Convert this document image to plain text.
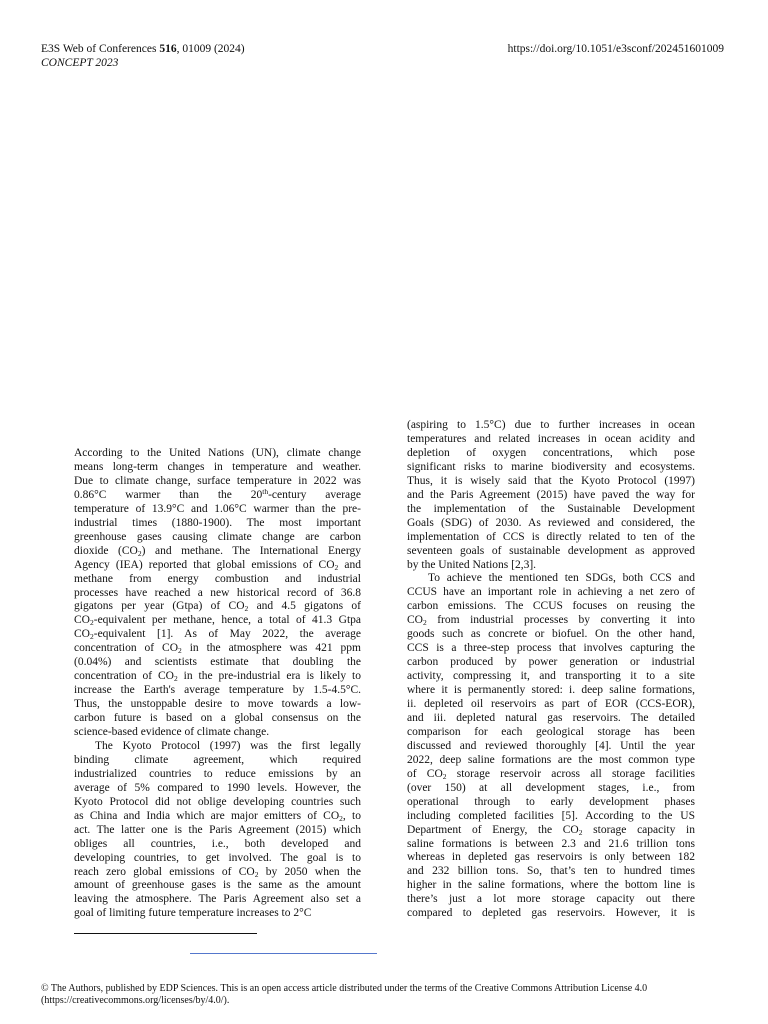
E3S Web of Conferences 516, 01009 (2024)
CONCEPT 2023
https://doi.org/10.1051/e3sconf/202451601009
According to the United Nations (UN), climate change
means long-term changes in temperature and weather.
Due to climate change, surface temperature in 2022 was
0.86°C warmer than the 20th-century average
temperature of 13.9°C and 1.06°C warmer than the pre-
industrial times (1880-1900). The most important
greenhouse gases causing climate change are carbon
dioxide $(CO_2)$ and methane. The International Energy
Agency (IEA) reported that global emissions of $CO_2$ and
methane from energy combustion and industrial
processes have reached a new historical record of 36.8
gigatons per year (Gtpa) of $CO_2$ and 4.5 gigatons of
$CO_2$-equivalent per methane, hence, a total of 41.3 Gtpa
$CO_2$-equivalent [1]. As of May 2022, the average
concentration of $CO_2$ in the atmosphere was 421 ppm
(0.04%) and scientists estimate that doubling the
concentration of $CO_2$ in the pre-industrial era is likely to
increase the Earth's average temperature by 1.5-4.5°C.
Thus, the unstoppable desire to move towards a low-
carbon future is based on a global consensus on the
science-based evidence of climate change.
The Kyoto Protocol (1997) was the first legally
binding climate agreement, which required
industrialized countries to reduce emissions by an
average of 5% compared to 1990 levels. However, the
Kyoto Protocol did not oblige developing countries such
as China and India which are major emitters of $CO_2$, to
act. The latter one is the Paris Agreement (2015) which
obliges all countries, i.e., both developed and
developing countries, to get involved. The goal is to
reach zero global emissions of $CO_2$ by 2050 when the
amount of greenhouse gases is the same as the amount
leaving the atmosphere. The Paris Agreement also set a
goal of limiting future temperature increases to 2°C
(aspiring to 1.5°C) due to further increases in ocean
temperatures and related increases in ocean acidity and
depletion of oxygen concentrations, which pose
significant risks to marine biodiversity and ecosystems.
Thus, it is wisely said that the Kyoto Protocol (1997)
and the Paris Agreement (2015) have paved the way for
the implementation of the Sustainable Development
Goals (SDG) of 2030. As reviewed and considered, the
implementation of CCS is directly related to ten of the
seventeen goals of sustainable development as approved
by the United Nations [2,3].
To achieve the mentioned ten SDGs, both CCS and
CCUS have an important role in achieving a net zero of
carbon emissions. The CCUS focuses on reusing the
$CO_2$ from industrial processes by converting it into
goods such as concrete or biofuel. On the other hand,
CCS is a three-step process that involves capturing the
carbon produced by power generation or industrial
activity, compressing it, and transporting it to a site
where it is permanently stored: i. deep saline formations,
ii. depleted oil reservoirs as part of EOR (CCS-EOR),
and iii. depleted natural gas reservoirs. The detailed
comparison for each geological storage has been
discussed and reviewed thoroughly [4]. Until the year
2022, deep saline formations are the most common type
of $CO_2$ storage reservoir across all storage facilities
(over 150) at all development stages, i.e., from
operational through to early development phases
including completed facilities [5]. According to the US
Department of Energy, the $CO_2$ storage capacity in
saline formations is between 2.3 and 21.6 trillion tons
whereas in depleted gas reservoirs is only between 182
and 232 billion tons. So, that’s ten to hundred times
higher in the saline formations, where the bottom line is
there’s just a lot more storage capacity out there
compared to depleted gas reservoirs. However, it is
© The Authors, published by EDP Sciences. This is an open access article distributed under the terms of the Creative Commons Attribution License 4.0
(https://creativecommons.org/licenses/by/4.0/).
